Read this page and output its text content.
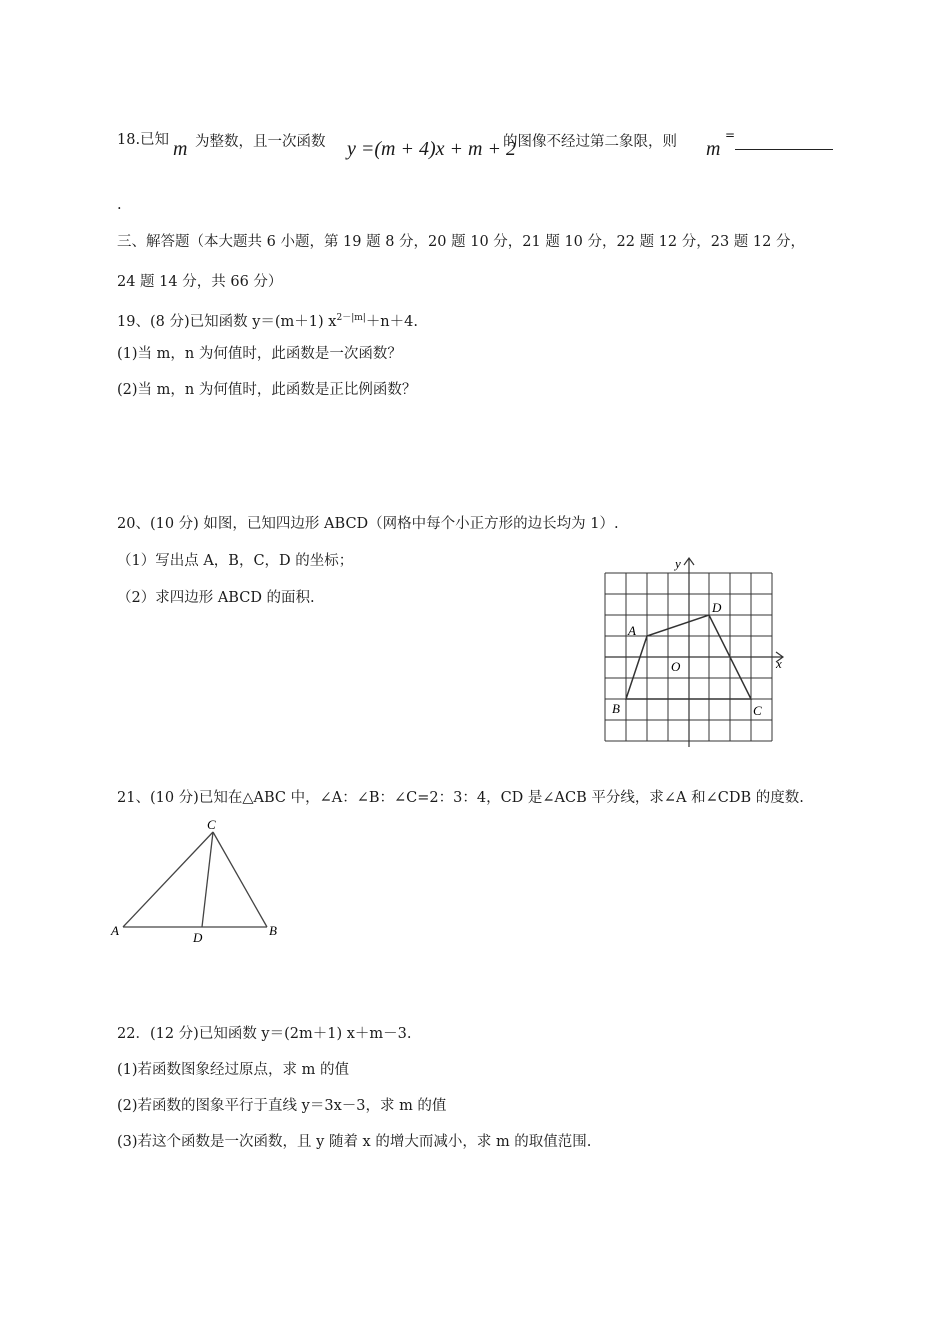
18.已知 m 为整数，且一次函数 y =(m + 4)x + m + 2
的图像不经过第二象限，则 m
=
.
三、解答题（本大题共 6 小题，第 19 题 8 分，20 题 10 分，21 题 10 分，22 题 12 分，23 题 12 分，
24 题 14 分，共 66 分）
19、(8 分)已知函数 y＝(m＋1) $x^{2-|m|}+n+4$.
(1)当 m，n 为何值时，此函数是一次函数？
(2)当 m，n 为何值时，此函数是正比例函数？
20、(10 分) 如图，已知四边形 ABCD（网格中每个小正方形的边长均为 1）.
（1）写出点 A，B，C，D 的坐标；
（2）求四边形 ABCD 的面积.
y
x
O
A
B	C
D
21、(10 分)已知在△ABC 中，∠A：∠B：∠C=2：3：4，CD 是∠ACB 平分线，求∠A 和∠CDB 的度数.
C
A	B
D
22．(12 分)已知函数 y＝(2m＋1) x＋m－3.
(1)若函数图象经过原点，求 m 的值
(2)若函数的图象平行于直线 y＝3x－3，求 m 的值
(3)若这个函数是一次函数，且 y 随着 x 的增大而减小，求 m 的取值范围.
